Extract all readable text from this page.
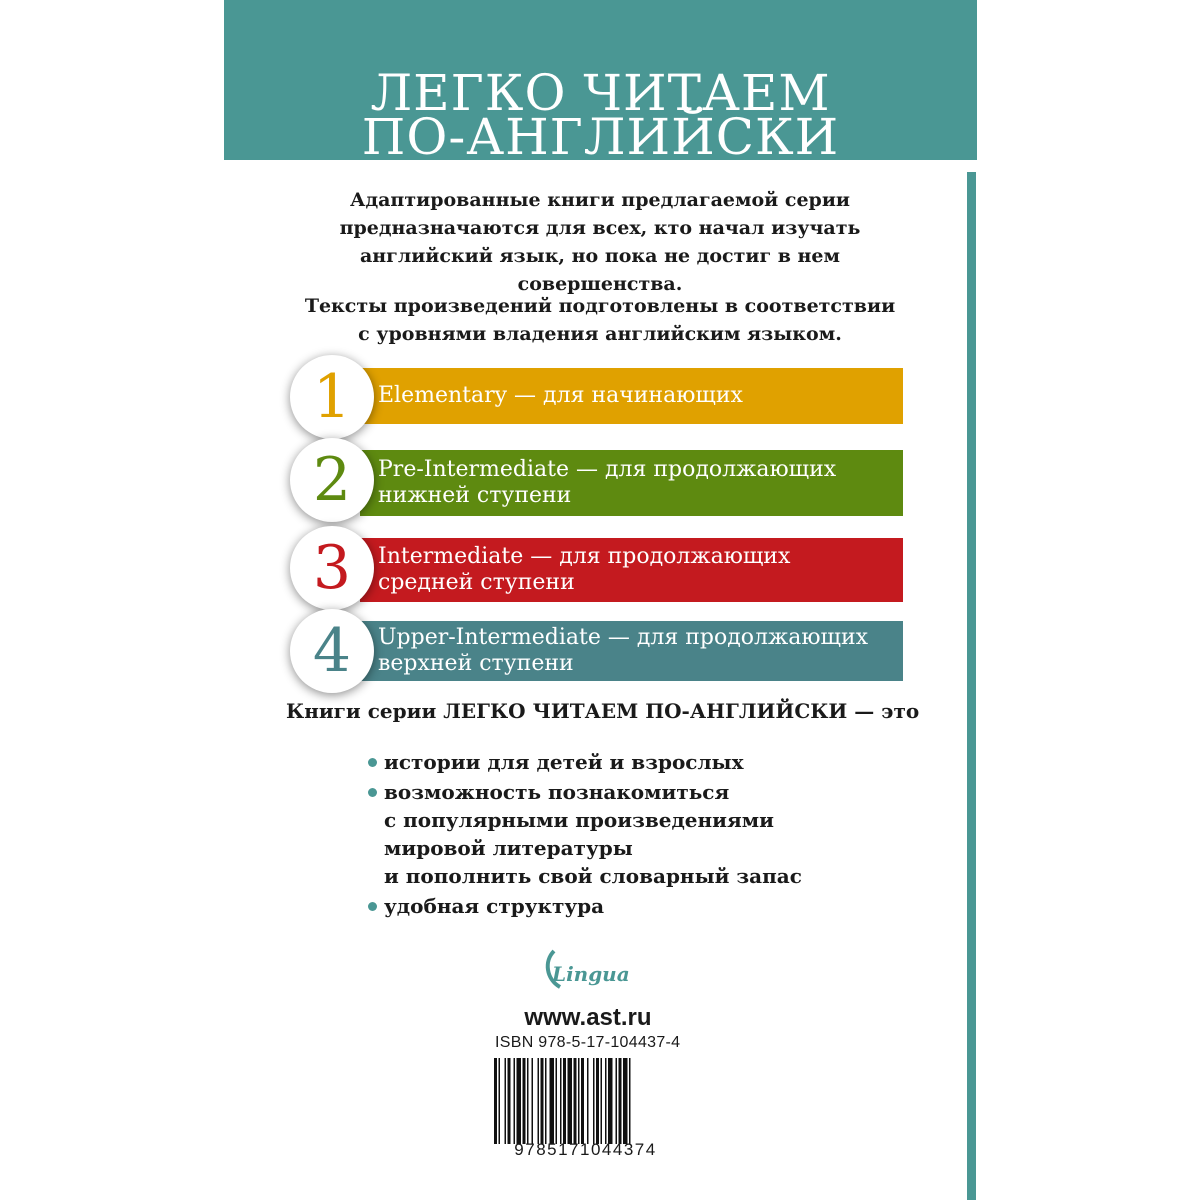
ЛЕГКО ЧИТАЕМ
ПО-АНГЛИЙСКИ
Адаптированные книги предлагаемой серии
предназначаются для всех, кто начал изучать
английский язык, но пока не достиг в нем
совершенства.
Тексты произведений подготовлены в соответствии
с уровнями владения английским языком.
Elementary — для начинающих
1
Pre-Intermediate — для продолжающих
нижней ступени
2
Intermediate — для продолжающих
средней ступени
3
Upper-Intermediate — для продолжающих
верхней ступени
4
Книги серии ЛЕГКО ЧИТАЕМ ПО-АНГЛИЙСКИ — это
истории для детей и взрослых
возможность познакомиться
с популярными произведениями
мировой литературы
и пополнить свой словарный запас
удобная структура
Lingua
www.ast.ru
ISBN 978-5-17-104437-4
9785171044374
